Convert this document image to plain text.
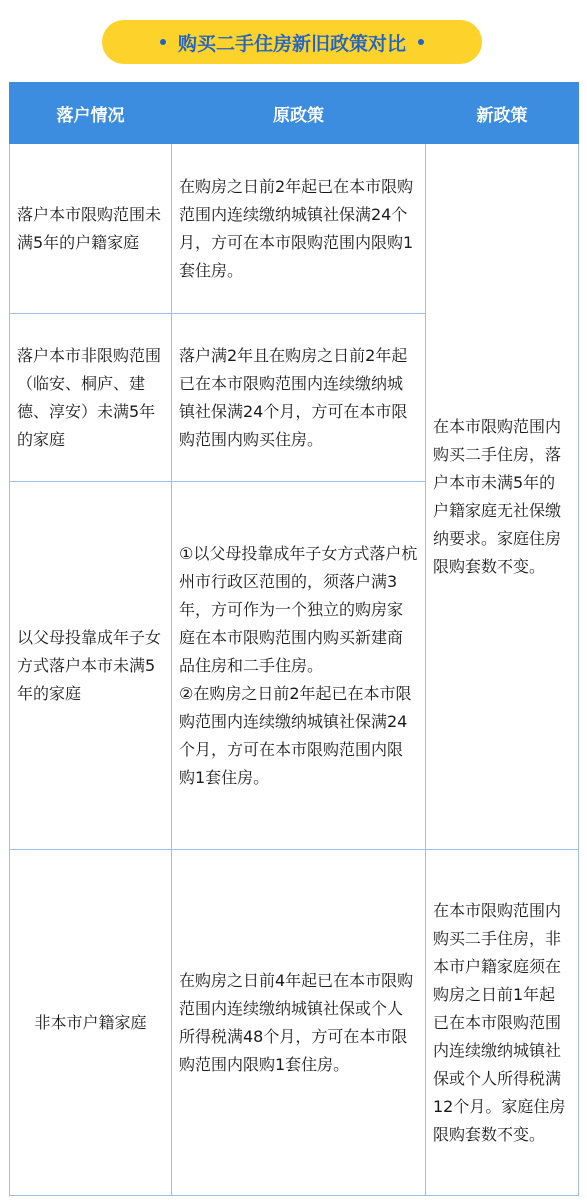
购买二手住房新旧政策对比
落户情况	原政策	新政策
落户本市限购范围未满5年的户籍家庭	在购房之日前2年起已在本市限购范围内连续缴纳城镇社保满24个月，方可在本市限购范围内限购1套住房。	在本市限购范围内购买二手住房，落户本市未满5年的户籍家庭无社保缴纳要求。家庭住房限购套数不变。
落户本市非限购范围（临安、桐庐、建德、淳安）未满5年的家庭	落户满2年且在购房之日前2年起已在本市限购范围内连续缴纳城镇社保满24个月，方可在本市限购范围内购买住房。	
以父母投靠成年子女方式落户本市未满5年的家庭	①以父母投靠成年子女方式落户杭州市行政区范围的，须落户满3年，方可作为一个独立的购房家庭在本市限购范围内购买新建商品住房和二手住房。
②在购房之日前2年起已在本市限购范围内连续缴纳城镇社保满24个月，方可在本市限购范围内限购1套住房。	

非本市户籍家庭	在购房之日前4年起已在本市限购范围内连续缴纳城镇社保或个人所得税满48个月，方可在本市限购范围内限购1套住房。	在本市限购范围内购买二手住房，非本市户籍家庭须在购房之日前1年起已在本市限购范围内连续缴纳城镇社保或个人所得税满12个月。家庭住房限购套数不变。
